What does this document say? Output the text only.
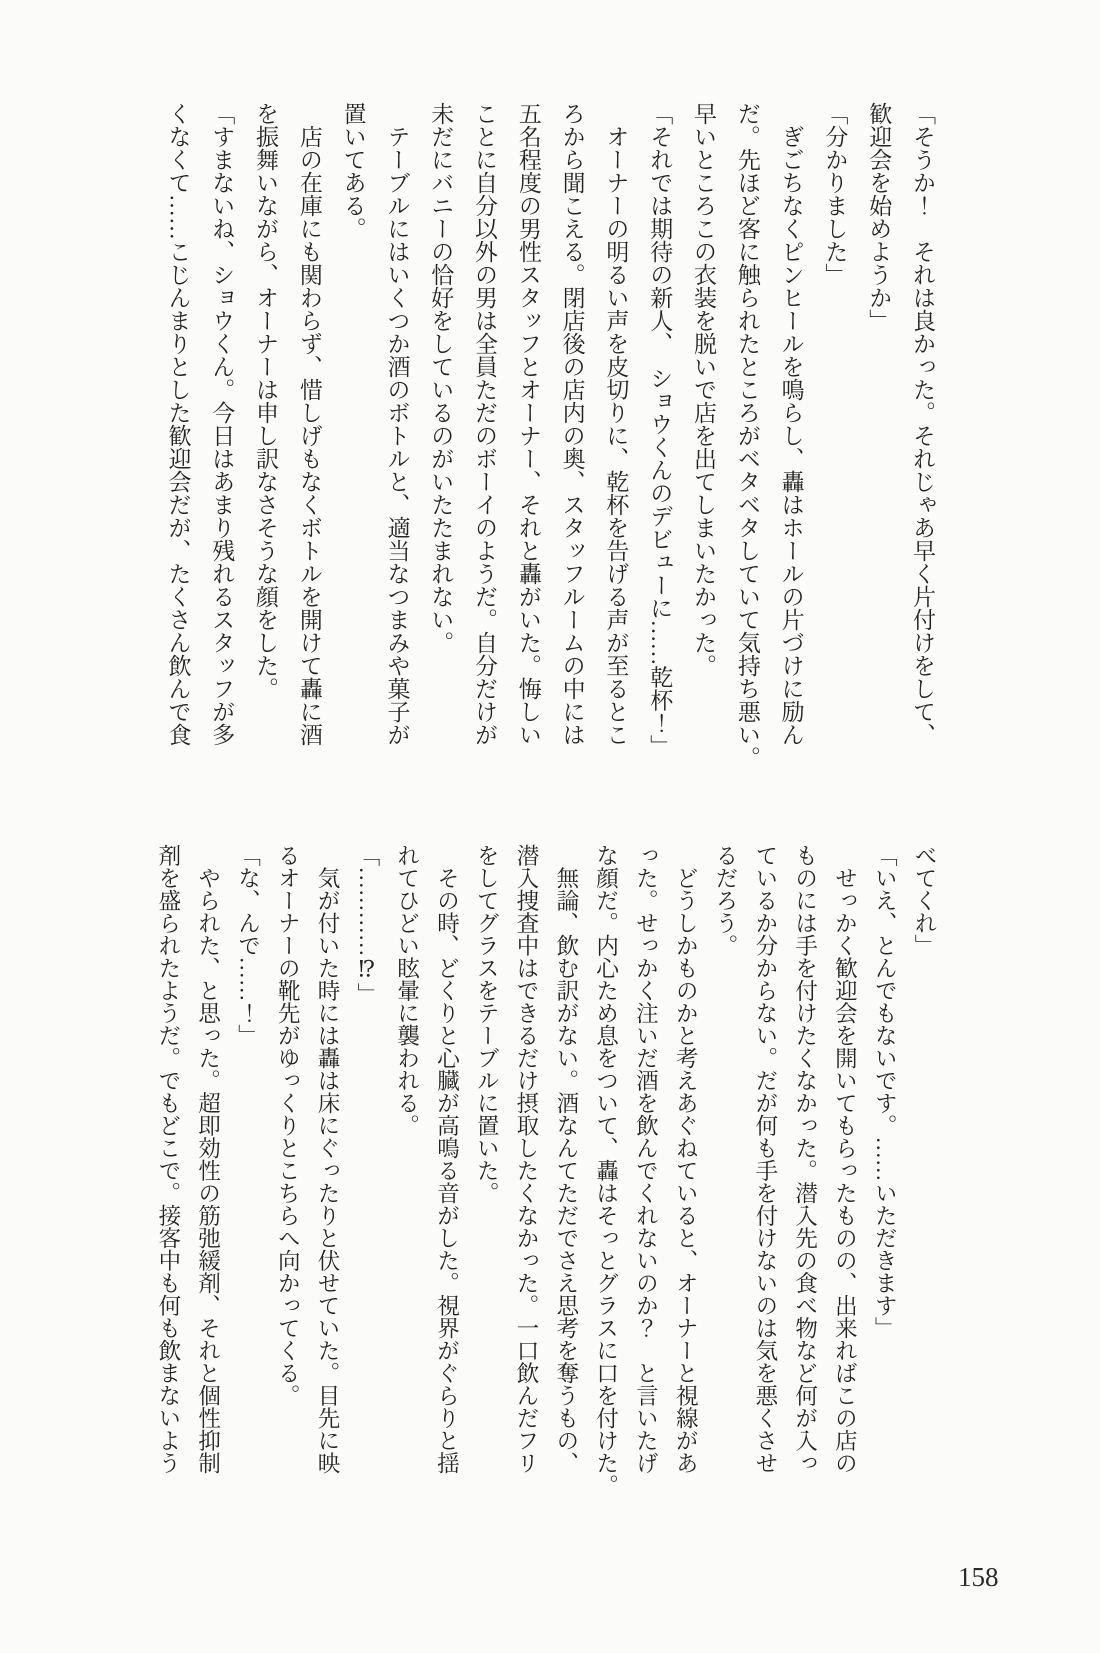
「そうか！　それは良かった。それじゃあ早く片付けをして、
歓迎会を始めようか」
「分かりました」
　ぎごちなくピンヒールを鳴らし、轟はホールの片づけに励ん
だ。先ほど客に触られたところがベタベタしていて気持ち悪い。
早いところこの衣装を脱いで店を出てしまいたかった。
「それでは期待の新人、　ショウくんのデビューに……乾杯！」
　オーナーの明るい声を皮切りに、乾杯を告げる声が至るとこ
ろから聞こえる。閉店後の店内の奥、スタッフルームの中には
五名程度の男性スタッフとオーナー、それと轟がいた。悔しい
ことに自分以外の男は全員ただのボーイのようだ。自分だけが
未だにバニーの恰好をしているのがいたたまれない。
　テーブルにはいくつか酒のボトルと、適当なつまみや菓子が
置いてある。
　店の在庫にも関わらず、惜しげもなくボトルを開けて轟に酒
を振舞いながら、オーナーは申し訳なさそうな顔をした。
「すまないね、ショウくん。今日はあまり残れるスタッフが多
くなくて……こじんまりとした歓迎会だが、たくさん飲んで食
べてくれ」
「いえ、とんでもないです。……いただきます」
　せっかく歓迎会を開いてもらったものの、出来ればこの店の
ものには手を付けたくなかった。潜入先の食べ物など何が入っ
ているか分からない。だが何も手を付けないのは気を悪くさせ
るだろう。
　どうしかものかと考えあぐねていると、オーナーと視線があ
った。せっかく注いだ酒を飲んでくれないのか？　と言いたげ
な顔だ。内心ため息をついて、轟はそっとグラスに口を付けた。
　無論、飲む訳がない。酒なんてただでさえ思考を奪うもの、
潜入捜査中はできるだけ摂取したくなかった。一口飲んだフリ
をしてグラスをテーブルに置いた。
　その時、どくりと心臓が高鳴る音がした。視界がぐらりと揺
れてひどい眩暈に襲われる。
「…………⁉」
　気が付いた時には轟は床にぐったりと伏せていた。目先に映
るオーナーの靴先がゆっくりとこちらへ向かってくる。
「な、んで……！」
　やられた、と思った。超即効性の筋弛緩剤、それと個性抑制
剤を盛られたようだ。でもどこで。接客中も何も飲まないよう
158
